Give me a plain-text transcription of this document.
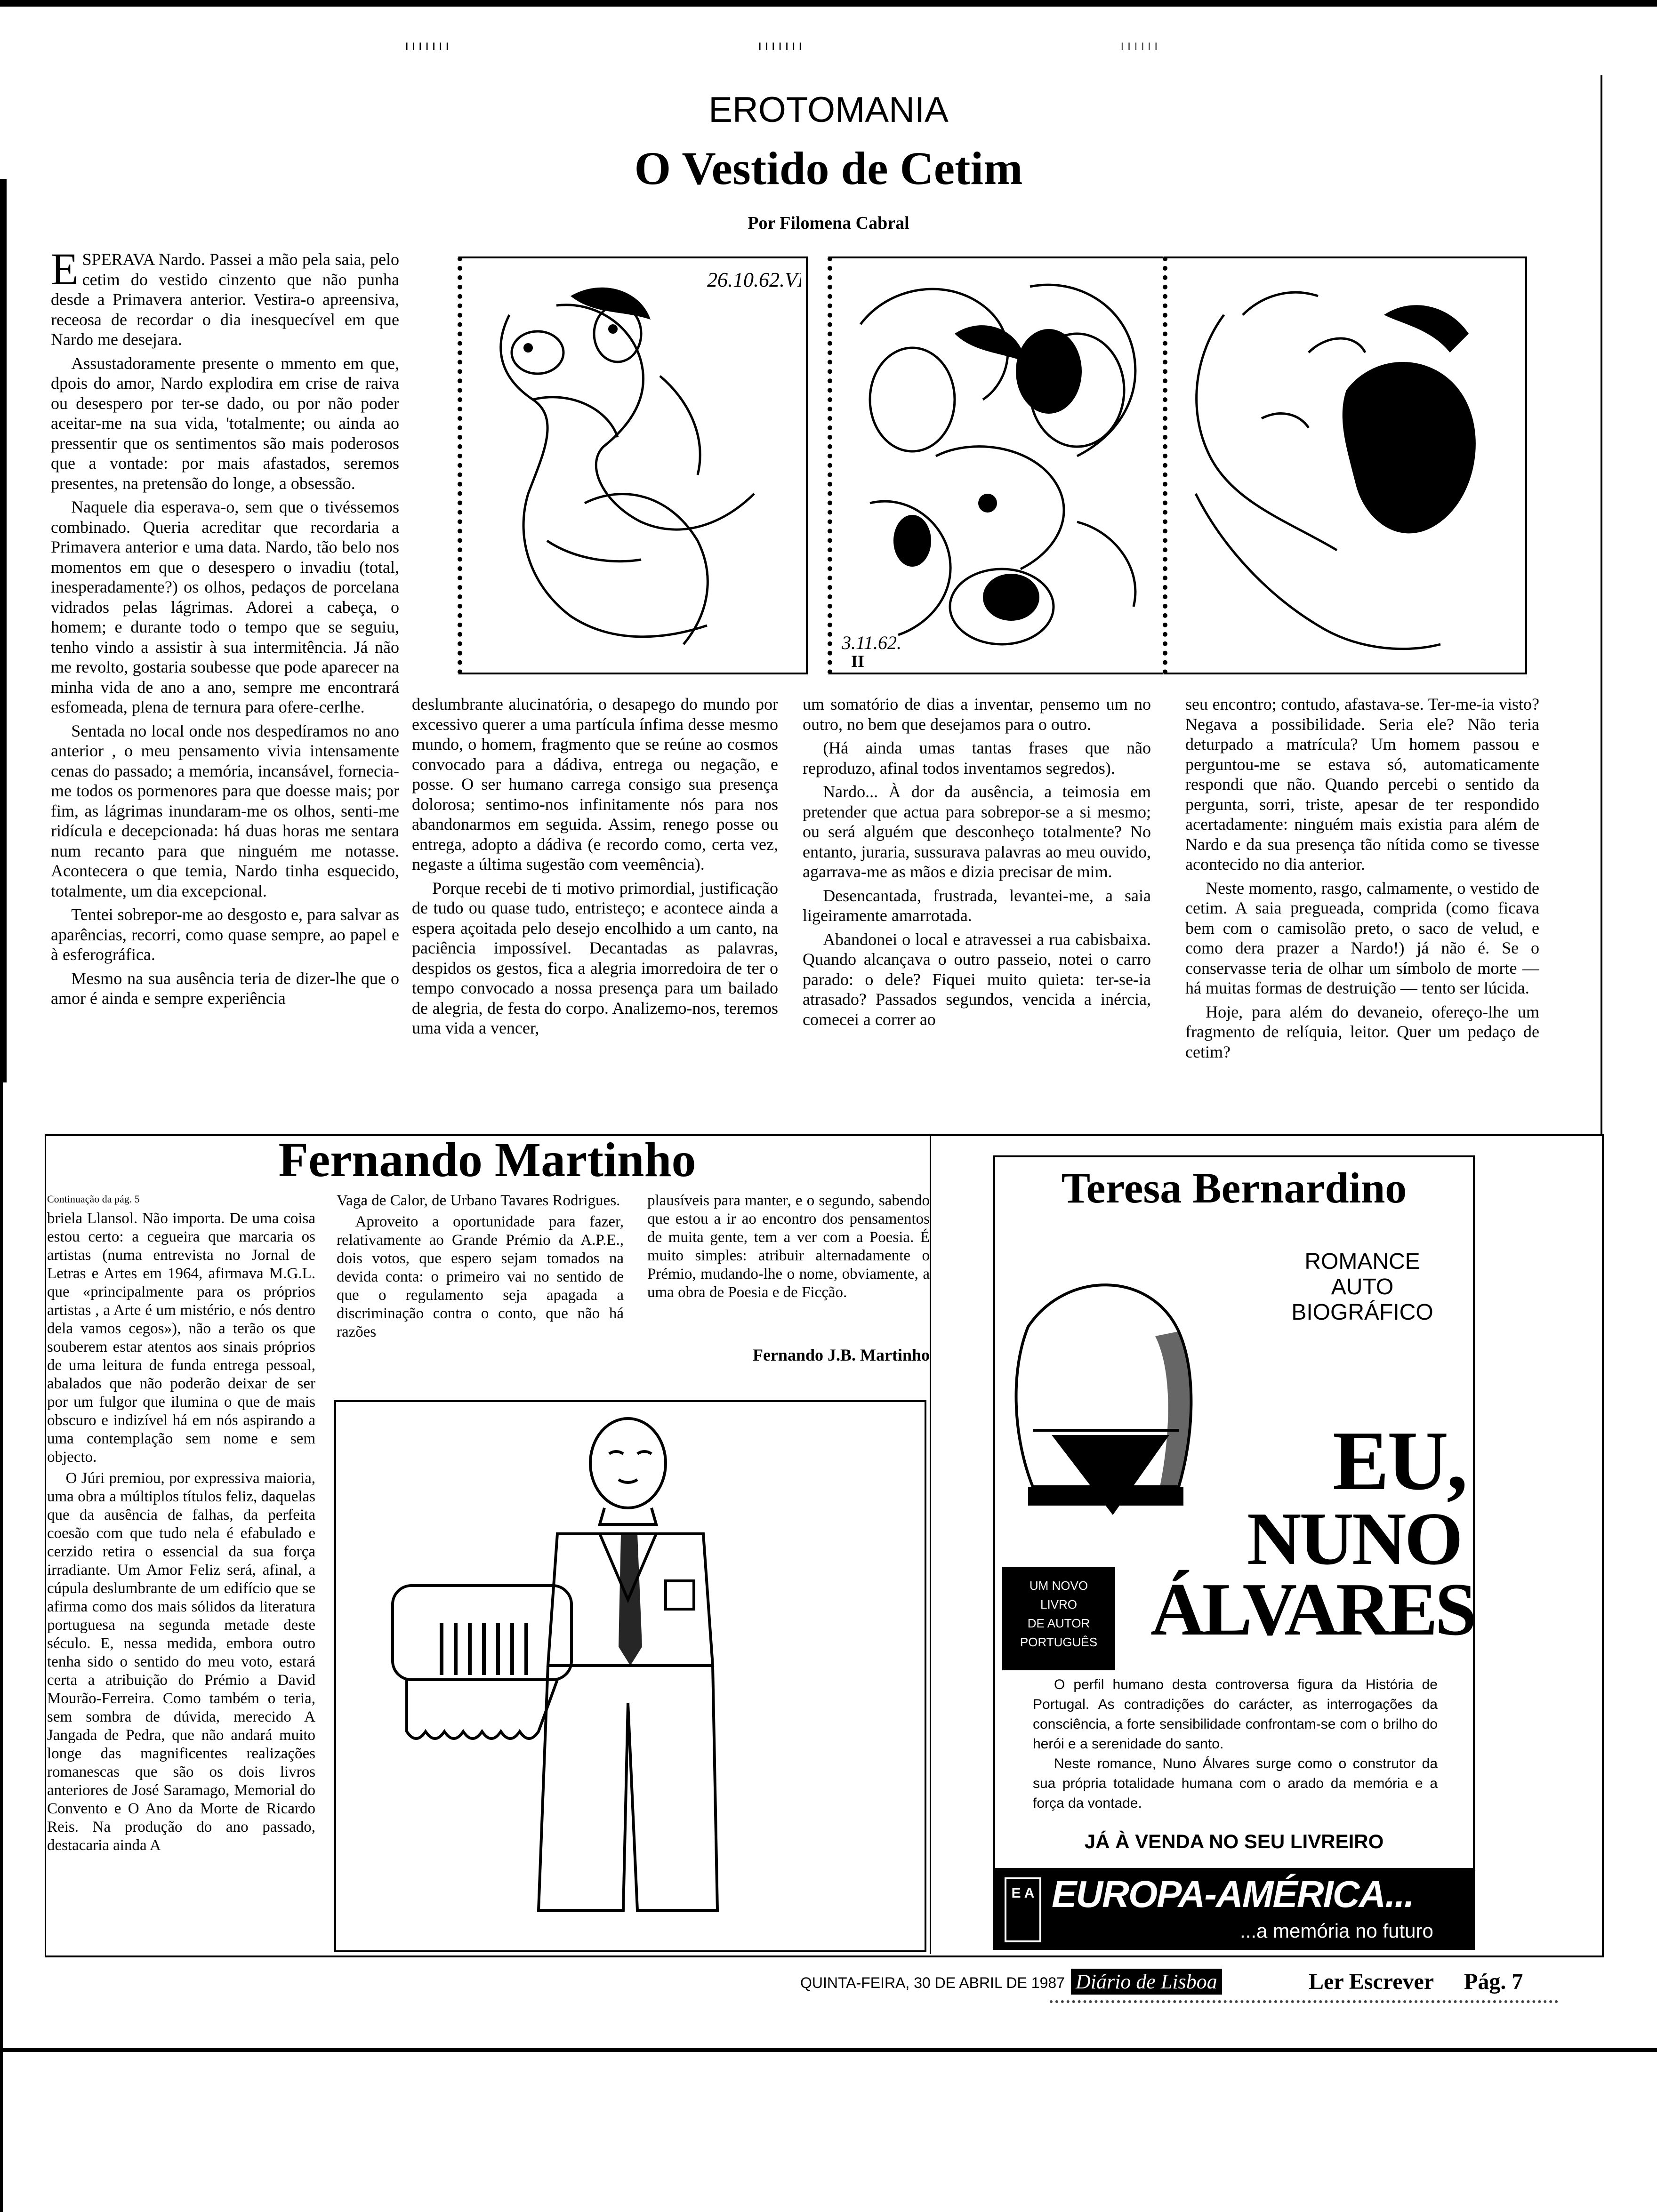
ııııııı	ııııııı	ıııııı
EROTOMANIA
O Vestido de Cetim
Por Filomena Cabral

ESPERAVA Nardo. Passei a mão pela saia, pelo cetim do vestido cinzento que não punha desde a Primavera anterior. Vestira-o apreensiva, receosa de recordar o dia inesquecível em que Nardo me desejara.

Assustadoramente presente o mmento em que, dpois do amor, Nardo explodira em crise de raiva ou desespero por ter-se dado, ou por não poder aceitar-me na sua vida, 'totalmente; ou ainda ao pressentir que os sentimentos são mais poderosos que a vontade: por mais afastados, seremos presentes, na pretensão do longe, a obsessão.

Naquele dia esperava-o, sem que o tivéssemos combinado. Queria acreditar que recordaria a Primavera anterior e uma data. Nardo, tão belo nos momentos em que o desespero o invadiu (total, inesperadamente?) os olhos, pedaços de porcelana vidrados pelas lágrimas. Adorei a cabeça, o homem; e durante todo o tempo que se seguiu, tenho vindo a assistir à sua intermitência. Já não me revolto, gostaria soubesse que pode aparecer na minha vida de ano a ano, sempre me encontrará esfomeada, plena de ternura para ofere-cerlhe.

Sentada no local onde nos despedíramos no ano anterior , o meu pensamento vivia intensamente cenas do passado; a memória, incansável, fornecia-me todos os pormenores para que doesse mais; por fim, as lágrimas inundaram-me os olhos, senti-me ridícula e decepcionada: há duas horas me sentara num recanto para que ninguém me notasse. Acontecera o que temia, Nardo tinha esquecido, totalmente, um dia excepcional.

Tentei sobrepor-me ao desgosto e, para salvar as aparências, recorri, como quase sempre, ao papel e à esferográfica.

Mesmo na sua ausência teria de dizer-lhe que o amor é ainda e sempre experiência

26.10.62.VI
3.11.62.
II

deslumbrante alucinatória, o desapego do mundo por excessivo querer a uma partícula ínfima desse mesmo mundo, o homem, fragmento que se reúne ao cosmos convocado para a dádiva, entrega ou negação, e posse. O ser humano carrega consigo sua presença dolorosa; sentimo-nos infinitamente nós para nos abandonarmos em seguida. Assim, renego posse ou entrega, adopto a dádiva (e recordo como, certa vez, negaste a última sugestão com veemência).

Porque recebi de ti motivo primordial, justificação de tudo ou quase tudo, entristeço; e acontece ainda a espera açoitada pelo desejo encolhido a um canto, na paciência impossível. Decantadas as palavras, despidos os gestos, fica a alegria imorredoira de ter o tempo convocado a nossa presença para um bailado de alegria, de festa do corpo. Analizemo-nos, teremos uma vida a vencer,

um somatório de dias a inventar, pensemo um no outro, no bem que desejamos para o outro.

(Há ainda umas tantas frases que não reproduzo, afinal todos inventamos segredos).

Nardo... À dor da ausência, a teimosia em pretender que actua para sobrepor-se a si mesmo; ou será alguém que desconheço totalmente? No entanto, juraria, sussurava palavras ao meu ouvido, agarrava-me as mãos e dizia precisar de mim.

Desencantada, frustrada, levantei-me, a saia ligeiramente amarrotada.

Abandonei o local e atravessei a rua cabisbaixa. Quando alcançava o outro passeio, notei o carro parado: o dele? Fiquei muito quieta: ter-se-ia atrasado? Passados segundos, vencida a inércia, comecei a correr ao

seu encontro; contudo, afastava-se. Ter-me-ia visto? Negava a possibilidade. Seria ele? Não teria deturpado a matrícula? Um homem passou e perguntou-me se estava só, automaticamente respondi que não. Quando percebi o sentido da pergunta, sorri, triste, apesar de ter respondido acertadamente: ninguém mais existia para além de Nardo e da sua presença tão nítida como se tivesse acontecido no dia anterior.

Neste momento, rasgo, calmamente, o vestido de cetim. A saia pregueada, comprida (como ficava bem com o camisolão preto, o saco de velud, e como dera prazer a Nardo!) já não é. Se o conservasse teria de olhar um símbolo de morte — há muitas formas de destruição — tento ser lúcida.

Hoje, para além do devaneio, ofereço-lhe um fragmento de relíquia, leitor. Quer um pedaço de cetim?

Fernando Martinho
Continuação da pág. 5

briela Llansol. Não importa. De uma coisa estou certo: a cegueira que marcaria os artistas (numa entrevista no Jornal de Letras e Artes em 1964, afirmava M.G.L. que «principalmente para os próprios artistas , a Arte é um mistério, e nós dentro dela vamos cegos»), não a terão os que souberem estar atentos aos sinais próprios de uma leitura de funda entrega pessoal, abalados que não poderão deixar de ser por um fulgor que ilumina o que de mais obscuro e indizível há em nós aspirando a uma contemplação sem nome e sem objecto.

O Júri premiou, por expressiva maioria, uma obra a múltiplos títulos feliz, daquelas que da ausência de falhas, da perfeita coesão com que tudo nela é efabulado e cerzido retira o essencial da sua força irradiante. Um Amor Feliz será, afinal, a cúpula deslumbrante de um edifício que se afirma como dos mais sólidos da literatura portuguesa na segunda metade deste século. E, nessa medida, embora outro tenha sido o sentido do meu voto, estará certa a atribuição do Prémio a David Mourão-Ferreira. Como também o teria, sem sombra de dúvida, merecido A Jangada de Pedra, que não andará muito longe das magnificentes realizações romanescas que são os dois livros anteriores de José Saramago, Memorial do Convento e O Ano da Morte de Ricardo Reis. Na produção do ano passado, destacaria ainda A

Vaga de Calor, de Urbano Tavares Rodrigues.

Aproveito a oportunidade para fazer, relativamente ao Grande Prémio da A.P.E., dois votos, que espero sejam tomados na devida conta: o primeiro vai no sentido de que o regulamento seja apagada a discriminação contra o conto, que não há razões

plausíveis para manter, e o segundo, sabendo que estou a ir ao encontro dos pensamentos de muita gente, tem a ver com a Poesia. É muito simples: atribuir alternadamente o Prémio, mudando-lhe o nome, obviamente, a uma obra de Poesia e de Ficção.

Fernando J.B. Martinho
Teresa Bernardino
ROMANCE
AUTO
BIOGRÁFICO
EU,
NUNO
ÁLVARES
UM NOVO
LIVRO
DE AUTOR
PORTUGUÊS

O perfil humano desta controversa figura da História de Portugal. As contradições do carácter, as interrogações da consciência, a forte sensibilidade confrontam-se com o brilho do herói e a serenidade do santo.

Neste romance, Nuno Álvares surge como o construtor da sua própria totalidade humana com o arado da memória e a força da vontade.

JÁ À VENDA NO SEU LIVREIRO
E A EUROPA-AMÉRICA...
...a memória no futuro
QUINTA-FEIRA, 30 DE ABRIL DE 1987 Diário de Lisboa	Ler Escrever Pág. 7
